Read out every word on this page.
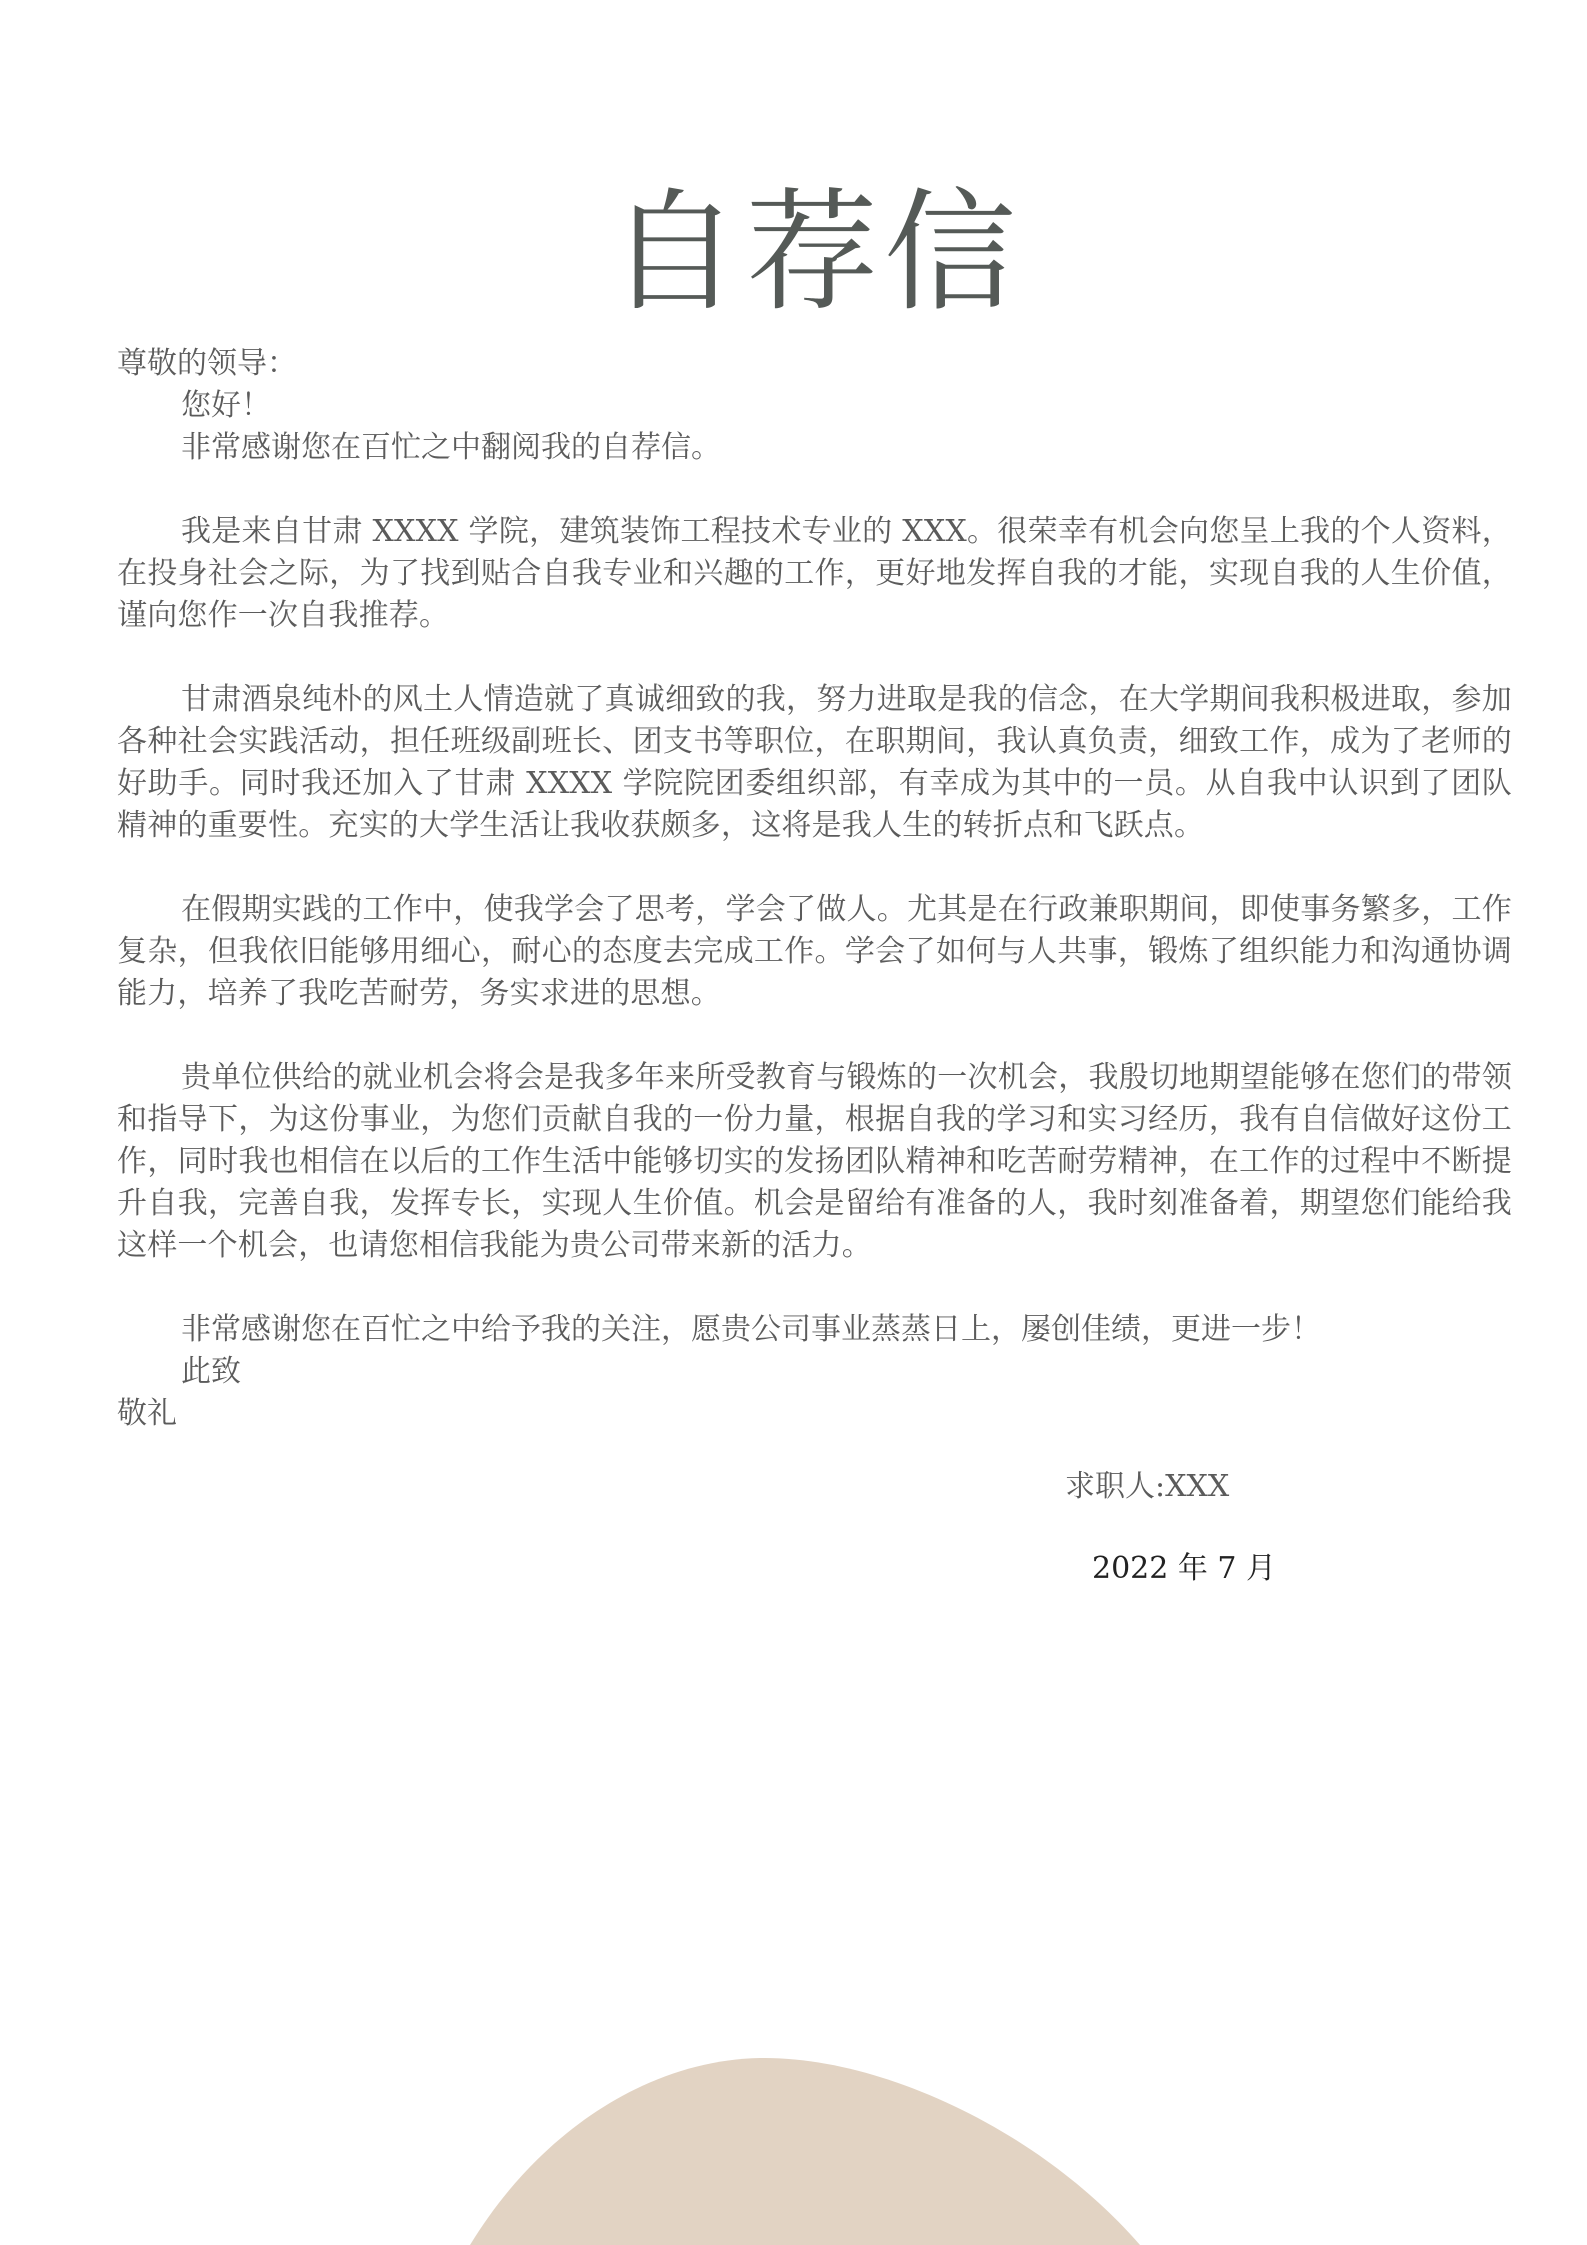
自荐信
尊敬的领导：
您好！
非常感谢您在百忙之中翻阅我的自荐信。
我是来自甘肃 XXXX 学院，建筑装饰工程技术专业的 XXX。很荣幸有机会向您呈上我的个人资料，在投身社会之际，为了找到贴合自我专业和兴趣的工作，更好地发挥自我的才能，实现自我的人生价值，谨向您作一次自我推荐。
甘肃酒泉纯朴的风土人情造就了真诚细致的我，努力进取是我的信念，在大学期间我积极进取，参加各种社会实践活动，担任班级副班长、团支书等职位，在职期间，我认真负责，细致工作，成为了老师的好助手。同时我还加入了甘肃 XXXX 学院院团委组织部，有幸成为其中的一员。从自我中认识到了团队精神的重要性。充实的大学生活让我收获颇多，这将是我人生的转折点和飞跃点。
在假期实践的工作中，使我学会了思考，学会了做人。尤其是在行政兼职期间，即使事务繁多，工作复杂，但我依旧能够用细心，耐心的态度去完成工作。学会了如何与人共事，锻炼了组织能力和沟通协调能力，培养了我吃苦耐劳，务实求进的思想。
贵单位供给的就业机会将会是我多年来所受教育与锻炼的一次机会，我殷切地期望能够在您们的带领和指导下，为这份事业，为您们贡献自我的一份力量，根据自我的学习和实习经历，我有自信做好这份工作，同时我也相信在以后的工作生活中能够切实的发扬团队精神和吃苦耐劳精神，在工作的过程中不断提升自我，完善自我，发挥专长，实现人生价值。机会是留给有准备的人，我时刻准备着，期望您们能给我这样一个机会，也请您相信我能为贵公司带来新的活力。
非常感谢您在百忙之中给予我的关注，愿贵公司事业蒸蒸日上，屡创佳绩，更进一步！
此致
敬礼
求职人:XXX
2022 年 7 月
